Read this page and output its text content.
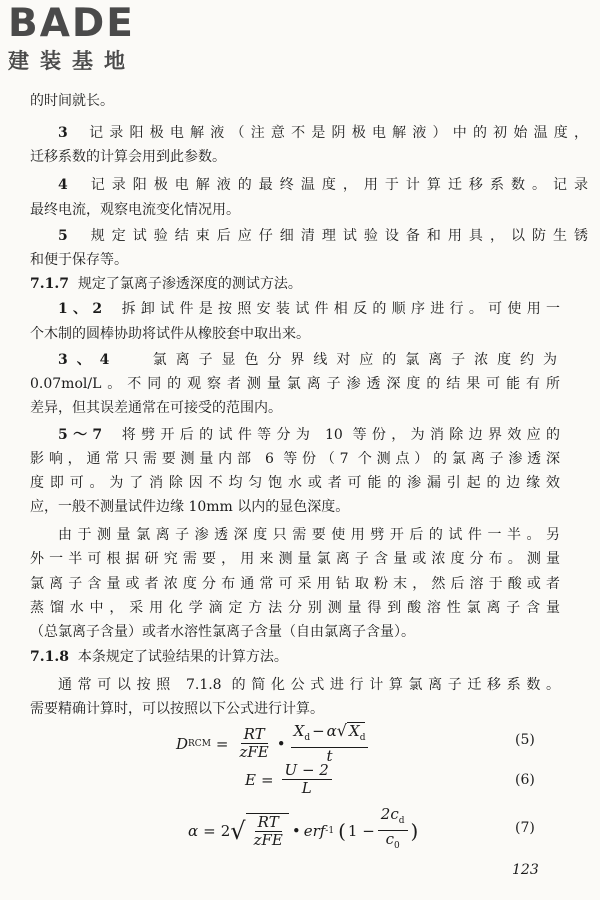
BADE
建装基地
的时间就长。
3 记录阳极电解液（注意不是阴极电解液）中的初始温度，
迁移系数的计算会用到此参数。
4 记录阳极电解液的最终温度，用于计算迁移系数。记录
最终电流，观察电流变化情况用。
5 规定试验结束后应仔细清理试验设备和用具，以防生锈
和便于保存等。
7.1.7 规定了氯离子渗透深度的测试方法。
1、2 拆卸试件是按照安装试件相反的顺序进行。可使用一
个木制的圆棒协助将试件从橡胶套中取出来。
3、4	氯离子显色分界线对应的氯离子浓度约为
0.07mol/L。不同的观察者测量氯离子渗透深度的结果可能有所
差异，但其误差通常在可接受的范围内。
5～7 将劈开后的试件等分为 10 等份，为消除边界效应的
影响，通常只需要测量内部 6 等份（7 个测点）的氯离子渗透深
度即可。为了消除因不均匀饱水或者可能的渗漏引起的边缘效
应，一般不测量试件边缘 10mm 以内的显色深度。
由于测量氯离子渗透深度只需要使用劈开后的试件一半。另
外一半可根据研究需要，用来测量氯离子含量或浓度分布。测量
氯离子含量或者浓度分布通常可采用钻取粉末，然后溶于酸或者
蒸馏水中，采用化学滴定方法分别测量得到酸溶性氯离子含量
（总氯离子含量）或者水溶性氯离子含量（自由氯离子含量）。
7.1.8 本条规定了试验结果的计算方法。
通常可以按照 7.1.8 的简化公式进行计算氯离子迁移系数。
需要精确计算时，可以按照以下公式进行计算。
D RCM = $\frac{RT}{\text{zFE}}$ • $\frac{X_d - \alpha √ X_d}{t}$	(5)
$E = \frac{U - 2}{L}$	(6)
α = 2 √ $\frac{RT}{\text{zFE}}$ • erf -1 ( $1 - \frac{2c_d}{c_0}$ )	(7)
123
